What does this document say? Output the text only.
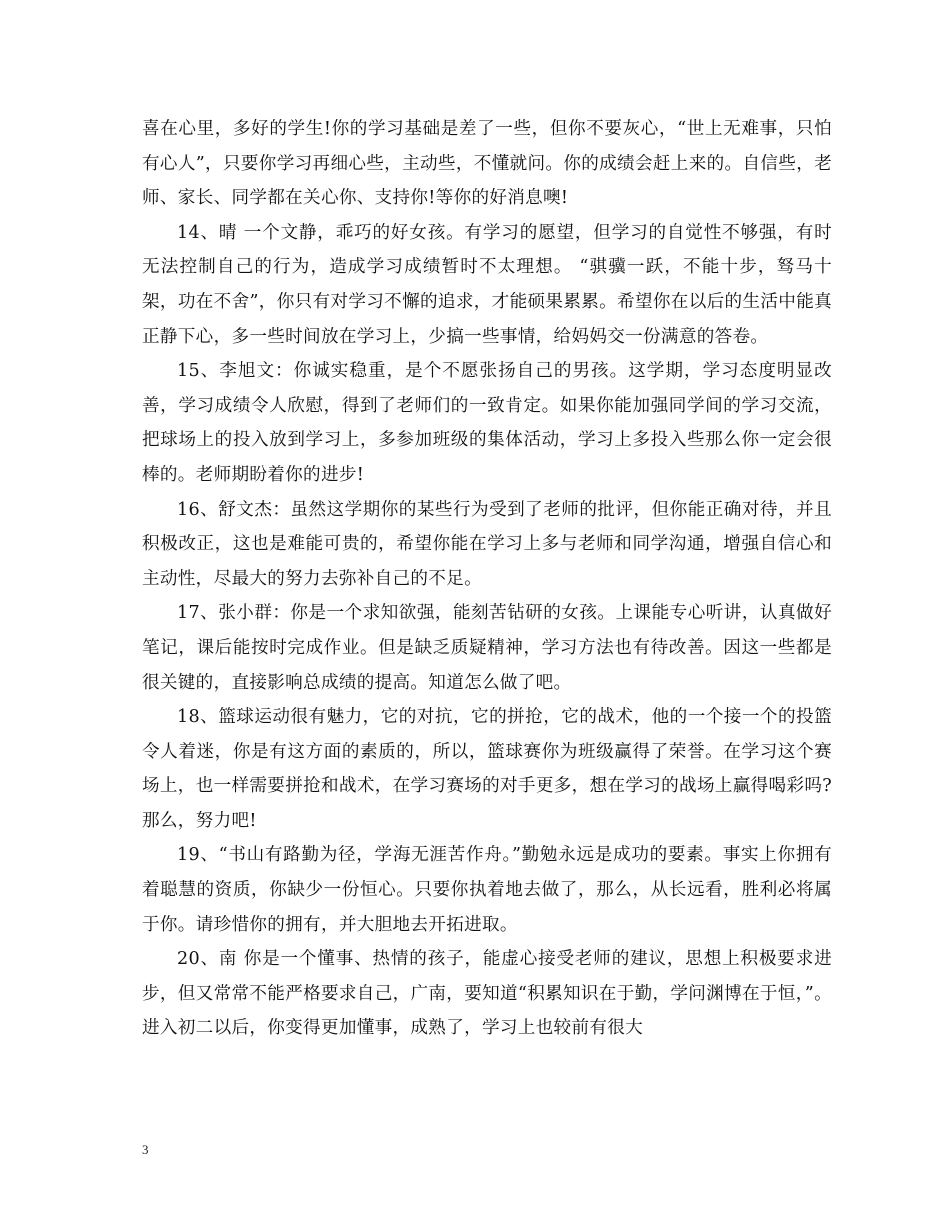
喜在心里，多好的学生!你的学习基础是差了一些，但你不要灰心，“世上无难事，只怕有心人”，只要你学习再细心些，主动些，不懂就问。你的成绩会赶上来的。自信些，老师、家长、同学都在关心你、支持你!等你的好消息噢!

14、晴 一个文静，乖巧的好女孩。有学习的愿望，但学习的自觉性不够强，有时无法控制自己的行为，造成学习成绩暂时不太理想。 “骐骥一跃，不能十步，驽马十架，功在不舍”，你只有对学习不懈的追求，才能硕果累累。希望你在以后的生活中能真正静下心，多一些时间放在学习上，少搞一些事情，给妈妈交一份满意的答卷。

15、李旭文：你诚实稳重，是个不愿张扬自己的男孩。这学期，学习态度明显改善，学习成绩令人欣慰，得到了老师们的一致肯定。如果你能加强同学间的学习交流，把球场上的投入放到学习上，多参加班级的集体活动，学习上多投入些那么你一定会很棒的。老师期盼着你的进步!

16、舒文杰：虽然这学期你的某些行为受到了老师的批评，但你能正确对待，并且积极改正，这也是难能可贵的，希望你能在学习上多与老师和同学沟通，增强自信心和主动性，尽最大的努力去弥补自己的不足。

17、张小群：你是一个求知欲强，能刻苦钻研的女孩。上课能专心听讲，认真做好笔记，课后能按时完成作业。但是缺乏质疑精神，学习方法也有待改善。因这一些都是很关键的，直接影响总成绩的提高。知道怎么做了吧。

18、篮球运动很有魅力，它的对抗，它的拼抢，它的战术，他的一个接一个的投篮令人着迷，你是有这方面的素质的，所以，篮球赛你为班级赢得了荣誉。在学习这个赛场上，也一样需要拼抢和战术，在学习赛场的对手更多，想在学习的战场上赢得喝彩吗?那么，努力吧!

19、“书山有路勤为径，学海无涯苦作舟。”勤勉永远是成功的要素。事实上你拥有着聪慧的资质，你缺少一份恒心。只要你执着地去做了，那么，从长远看，胜利必将属于你。请珍惜你的拥有，并大胆地去开拓进取。

20、南 你是一个懂事、热情的孩子，能虚心接受老师的建议，思想上积极要求进步，但又常常不能严格要求自己，广南，要知道“积累知识在于勤，学问渊博在于恒，”。进入初二以后，你变得更加懂事，成熟了，学习上也较前有很大

3
